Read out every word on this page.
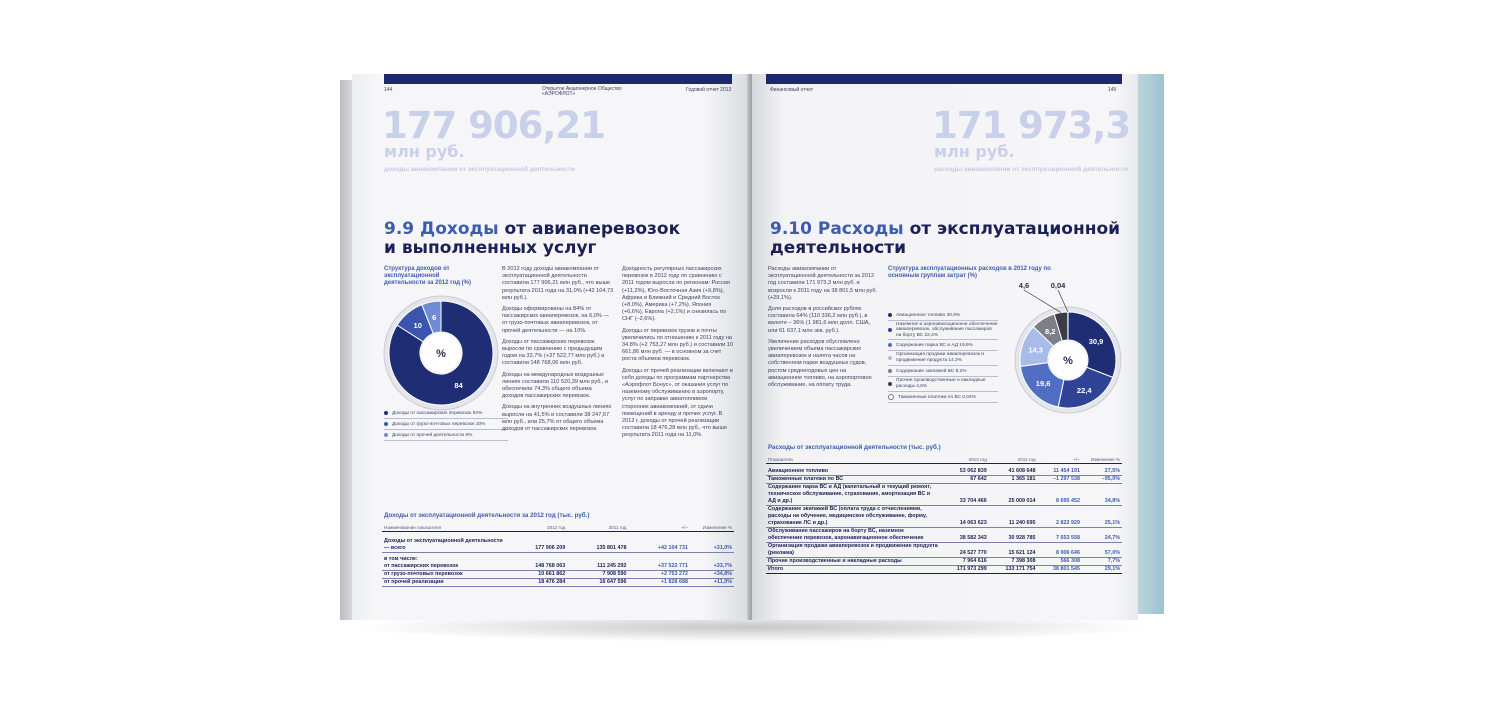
144	Открытое Акционерное Общество
«АЭРОФЛОТ»
Годовой отчет 2013
177 906,21
млн руб.
доходы авиакомпании от эксплуатационной деятельности
9.9 Доходы от авиаперевозок
и выполненных услуг
Структура доходов от эксплуатационной деятельности за 2012 год (%)
84
10
6
%
Доходы от пассажирских перевозок 84%
Доходы от грузо-почтовых перевозок 10%
Доходы от прочей деятельности 6%

В 2012 году доходы авиакомпании от эксплуатационной деятельности составили 177 906,21 млн руб., что выше результата 2011 года на 31,0% (+42 104,73 млн руб.).

Доходы оформированы на 84% от пассажирских авиаперевозок, на 6,0% — от грузо-почтовых авиаперевозок, от прочей деятельности — на 10%.

Доходы от пассажирских перевозок выросли по сравнению с предыдущим годом на 33,7% (+37 522,77 млн руб.) и составили 148 768,06 млн руб.

Доходы на международных воздушных линиях составили 110 520,39 млн руб., и обеспечили 74,3% общего объема доходов пассажирских перевозок.

Доходы на внутренних воздушных линиях выросли на 41,5% и составили 38 247,67 млн руб., или 25,7% от общего объема доходов от пассажирских перевозок.

Доходность регулярных пассажирских перевозок в 2012 году по сравнению с 2011 годом выросла по регионам: Россия (+11,2%), Юго-Восточная Азия (+9,8%), Африка и Ближний и Средний Восток (+8,0%), Америка (+7,2%), Япония (+6,6%), Европа (+2,1%) и снизилась по СНГ (–2,6%).

Доходы от перевозок грузов и почты увеличились по отношению к 2011 году на 34,8% (+2 753,27 млн руб.) и составили 10 661,86 млн руб. — в основном за счет роста объемов перевозок.

Доходы от прочей реализации включают в себя доходы по программам партнерства «Аэрофлот Бонус», от оказания услуг по наземному обслуживанию в аэропорту, услуг по заправке авиатопливом сторонних авиакомпаний, от сдачи помещений в аренду и прочих услуг. В 2012 г. доходы от прочей реализации составили 18 476,28 млн руб., что выше результата 2011 года на 11,0%.

Доходы от эксплуатационной деятельности за 2012 год (тыс. руб.)
Наименование показателя	2012 год	2011 год	+/–	Изменение %

Доходы от эксплуатационной деятельности — всего	177 906 209	135 801 478	+42 104 731	+31,0%
в том числе:				
от пассажирских перевозок	148 768 063	111 245 292	+37 522 771	+33,7%
от грузо-почтовых перевозок	10 661 862	7 908 590	+2 753 272	+34,8%
от прочей реализации	18 476 284	16 647 596	+1 828 688	+11,0%
Финансовый отчет	145
171 973,3
млн руб.
расходы авиакомпании от эксплуатационной деятельности
9.10 Расходы от эксплуатационной
деятельности

Расходы авиакомпании от эксплуатационной деятельности за 2012 год составили 171 973,3 млн руб. и возросли к 2011 году на 38 801,5 млн руб. (+29,1%).

Доля расходов в российских рублях составила 64% (110 336,2 млн руб.), в валюте – 36% (1 981,6 млн долл. США, или 61 637,1 млн экв. руб.).

Увеличение расходов обусловлено увеличением объема пассажирских авиаперевозок и налета часов на собственном парке воздушных судов, ростом среднегодовых цен на авиационное топливо, на аэропортовое обслуживание, на оплату труда.

Структура эксплуатационных расходов в 2012 году по основным группам затрат (%)
Авиационное топливо 30,9%
Наземное и аэронавигационное обеспечение авиаперевозок, обслуживание пассажиров на борту ВС 22,4%
Содержание парка ВС и АД 19,6%
Организация продажи авиаперевозок и продвижение продукта 14,3%
Содержание экипажей ВС 8,2%
Прочие производственные и накладные расходы 4,6%
Таможенные платежи по ВС 0,04%
30,9
22,4
19,6
14,3
8,2
4,6	0,04
%
Расходы от эксплуатационной деятельности (тыс. руб.)
Показатели	2012 год	2011 год	+/–	Изменение %

Авиационное топливо	53 062 839	41 608 648	11 454 191	27,5%
Таможенные платежи по ВС	67 642	1 365 181	–1 297 538	–95,0%
Содержание парка ВС и АД (капитальный и текущий ремонт, техническое обслуживание, страхование, амортизация ВС и АД и др.)	33 704 466	25 009 014	8 695 452	34,8%
Содержание экипажей ВС (оплата труда с отчислениями, расходы на обучение, медицинское обслуживание, форму, страхование ЛС и др.)	14 063 623	11 240 695	2 822 929	25,1%
Обслуживание пассажиров на борту ВС, наземное обеспечение перевозок, аэронавигационное обеспечение	38 582 343	30 928 785	7 653 558	24,7%
Организация продажи авиаперевозок и продвижение продукта (реклама)	24 527 770	15 621 124	8 906 646	57,0%
Прочие производственные и накладные расходы	7 964 616	7 398 308	566 308	7,7%
Итого	171 973 299	133 171 754	38 801 545	29,1%
